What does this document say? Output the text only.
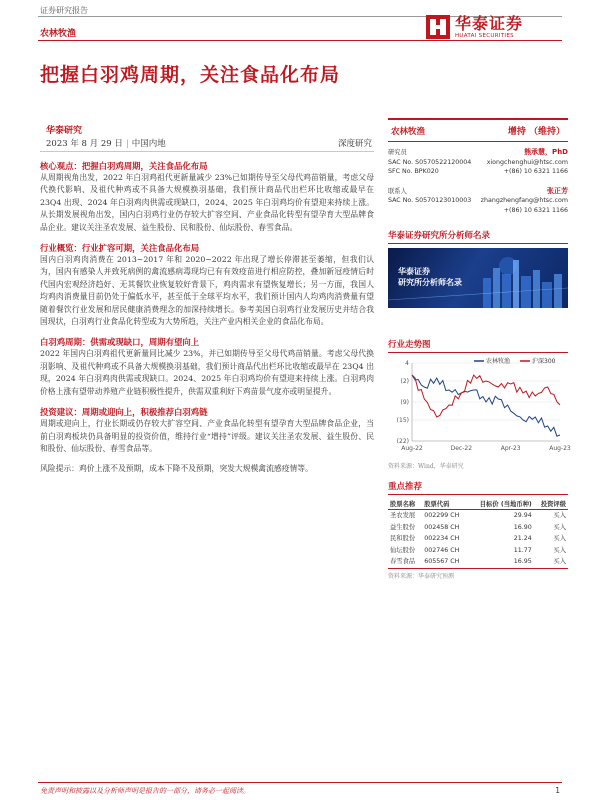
证券研究报告
华泰证券
HUATAI SECURITIES
农林牧渔
把握白羽鸡周期，关注食品化布局
华泰研究
2023 年 8 月 29 日 | 中国内地	深度研究
核心观点：把握白羽鸡周期，关注食品化布局

从周期视角出发，2022 年白羽鸡祖代更新量减少 23%已如期传导至父母代鸡苗销量，考虑父母代换代影响、及祖代种鸡或不具备大规模换羽基础，我们预计商品代出栏环比收缩或最早在 23Q4 出现、2024 年白羽鸡肉供需或现缺口，2024、2025 年白羽鸡均价有望迎来持续上涨。从长期发展视角出发，国内白羽鸡行业仍存较大扩容空间、产业食品化转型有望孕育大型品牌食品企业。建议关注圣农发展、益生股份、民和股份、仙坛股份、春雪食品。

行业概览：行业扩容可期，关注食品化布局

国内白羽鸡肉消费在 2013~2017 年和 2020~2022 年出现了增长停滞甚至萎缩，但我们认为，国内有感染人并致死病例的禽流感病毒现均已有有效疫苗进行相应防控，叠加新冠疫情后时代国内宏观经济趋好、无其餐饮业恢复较好背景下，鸡肉需求有望恢复增长；另一方面，我国人均鸡肉消费量目前仍处于偏低水平，甚至低于全球平均水平，我们预计国内人均鸡肉消费量有望随着餐饮行业发展和居民健康消费理念的加深持续增长。参考美国白羽鸡行业发展历史并结合我国现状，白羽鸡行业食品化转型或为大势所趋，关注产业内相关企业的食品化布局。

白羽鸡周期：供需或现缺口，周期有望向上

2022 年国内白羽鸡祖代更新量同比减少 23%，并已如期传导至父母代鸡苗销量。考虑父母代换羽影响、及祖代种鸡或不具备大规模换羽基础，我们预计商品代出栏环比收缩或最早在 23Q4 出现，2024 年白羽鸡肉供需或现缺口。2024、2025 年白羽鸡均价有望迎来持续上涨。白羽鸡肉价格上涨有望带动养殖产业链积极性提升，供需双重利好下鸡苗景气度亦或明显提升。

投资建议：周期或迎向上，积极推荐白羽鸡链

周期或迎向上，行业长期或仍存较大扩容空间、产业食品化转型有望孕育大型品牌食品企业，当前白羽鸡板块仍具备明显的投资价值，维持行业“增持”评级。建议关注圣农发展、益生股份、民和股份、仙坛股份、春雪食品等。

风险提示：鸡价上涨不及预期，成本下降不及预期，突发大规模禽流感疫情等。

农林牧渔	增持 （维持）
研究员	熊承慧，PhD
SAC No. S0570522120004 xiongchenghui@htsc.com
SFC No. BPK020	+(86) 10 6321 1166
联系人	张正芳
SAC No. S0570123010003 zhangzhengfang@htsc.com
+(86) 10 6321 1166
华泰证券研究所分析师名录
华泰证券
研究所分析师名录
行业走势图
4
(2)
(9)
(15)
(22)
Aug-22	Dec-22	Apr-23	Aug-23
农林牧渔	沪深300
资料来源：Wind，华泰研究
重点推荐
股票名称	股票代码	目标价 (当地币种)	投资评级
圣农发展	002299 CH	29.94	买入
益生股份	002458 CH	16.90	买入
民和股份	002234 CH	21.24	买入
仙坛股份	002746 CH	11.77	买入
春雪食品	605567 CH	16.95	买入
资料来源：华泰研究预测
免责声明和披露以及分析师声明是报告的一部分，请务必一起阅读。	1
